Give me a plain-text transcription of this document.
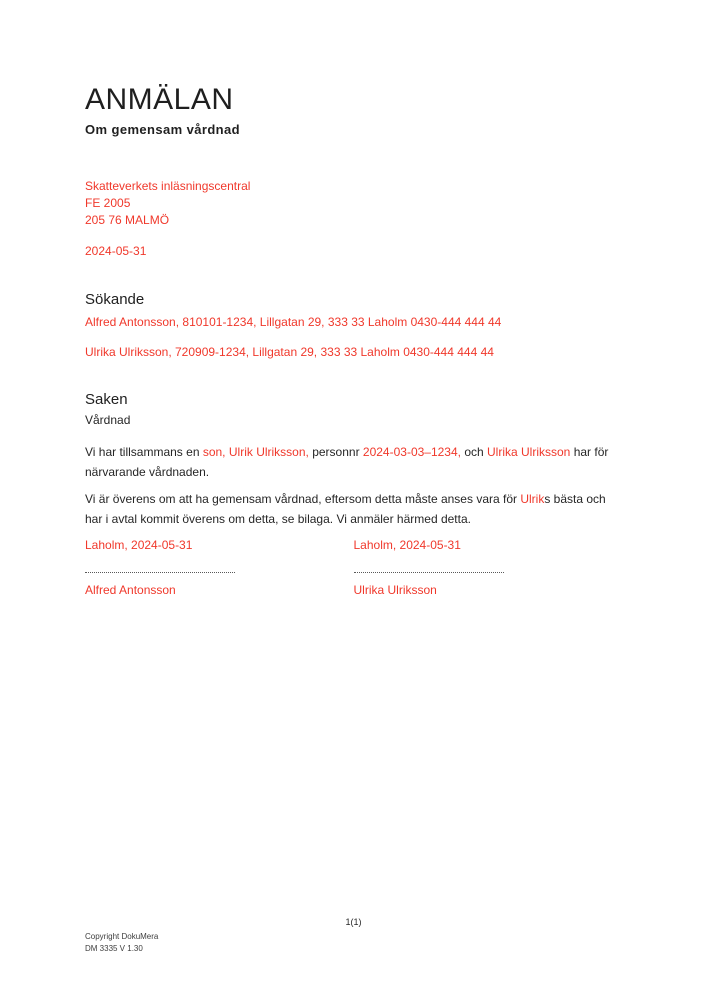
ANMÄLAN
Om gemensam vårdnad
Skatteverkets inläsningscentral
FE 2005
205 76 MALMÖ
2024-05-31
Sökande
Alfred Antonsson, 810101-1234, Lillgatan 29, 333 33 Laholm 0430-444 444 44
Ulrika Ulriksson, 720909-1234, Lillgatan 29, 333 33 Laholm 0430-444 444 44
Saken
Vårdnad

Vi har tillsammans en son, Ulrik Ulriksson, personnr 2024-03-03–1234, och Ulrika Ulriksson har för närvarande vårdnaden.

Vi är överens om att ha gemensam vårdnad, eftersom detta måste anses vara för Ulriks bästa och har i avtal kommit överens om detta, se bilaga. Vi anmäler härmed detta.

Laholm, 2024-05-31
Alfred Antonsson
Laholm, 2024-05-31
Ulrika Ulriksson
1(1)
Copyright DokuMera
DM 3335 V 1.30
